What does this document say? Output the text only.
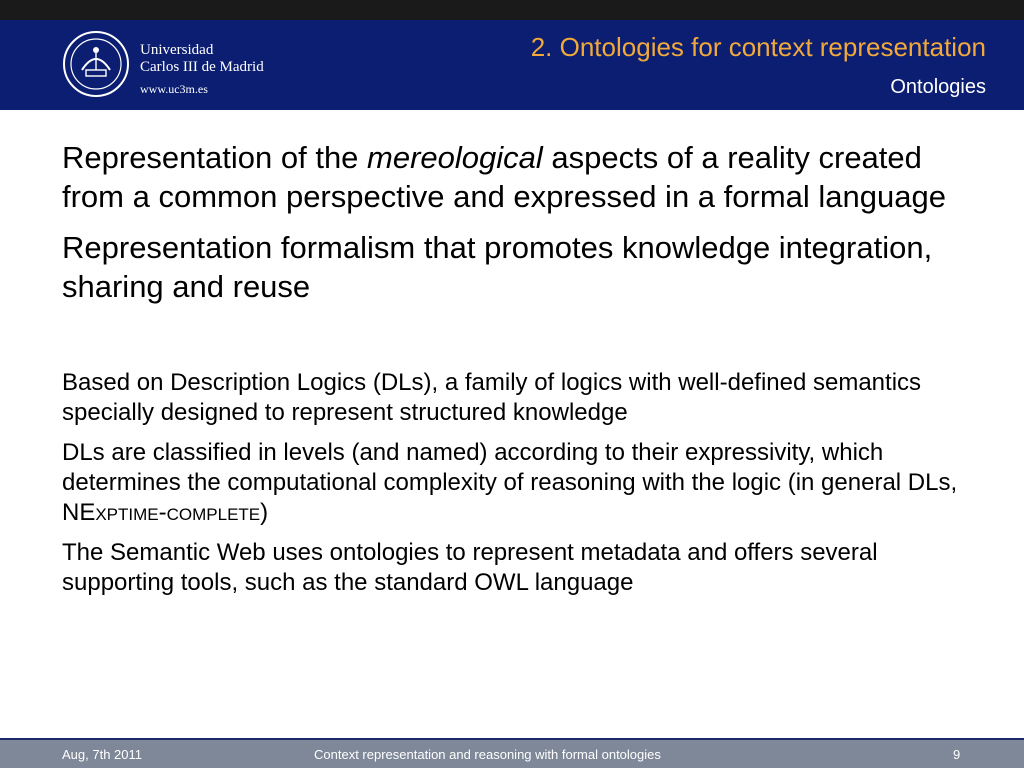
Universidad
Carlos III de Madrid
www.uc3m.es
2. Ontologies for context representation
Ontologies

Representation of the mereological aspects of a reality created from a common perspective and expressed in a formal language

Representation formalism that promotes knowledge integration, sharing and reuse

Based on Description Logics (DLs), a family of logics with well-defined semantics specially designed to represent structured knowledge

DLs are classified in levels (and named) according to their expressivity, which determines the computational complexity of reasoning with the logic (in general DLs, NExptime-complete)

The Semantic Web uses ontologies to represent metadata and offers several supporting tools, such as the standard OWL language

Aug, 7th 2011	Context representation and reasoning with formal ontologies	9
